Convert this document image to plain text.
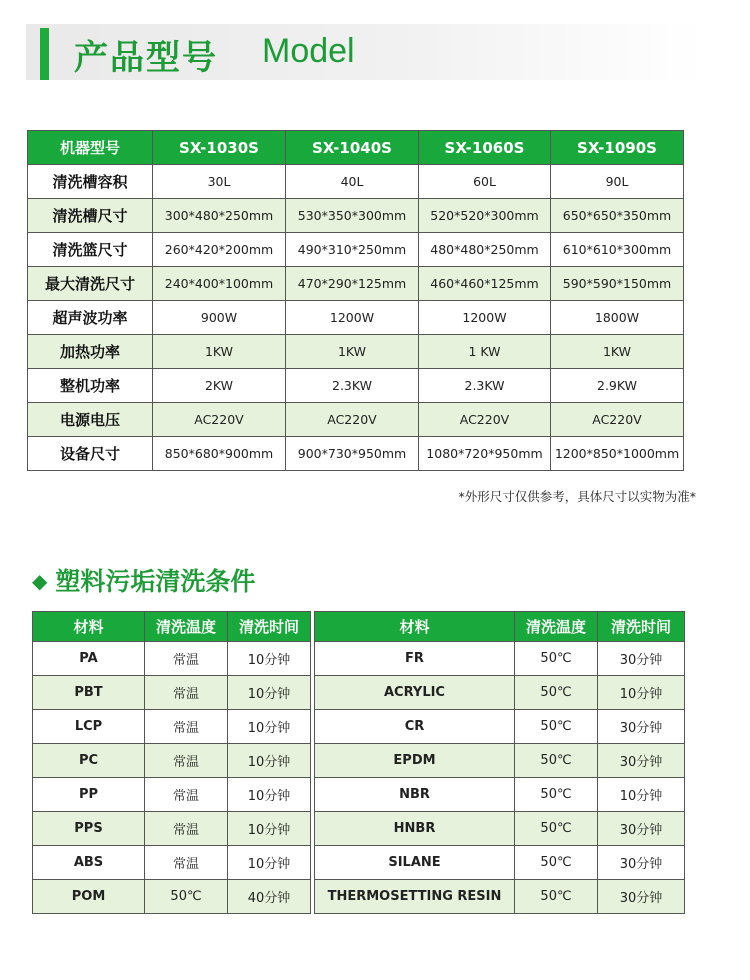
产品型号 Model
机器型号	SX-1030S	SX-1040S	SX-1060S	SX-1090S
清洗槽容积	30L	40L	60L	90L
清洗槽尺寸	300*480*250mm	530*350*300mm	520*520*300mm	650*650*350mm
清洗篮尺寸	260*420*200mm	490*310*250mm	480*480*250mm	610*610*300mm
最大清洗尺寸	240*400*100mm	470*290*125mm	460*460*125mm	590*590*150mm
超声波功率	900W	1200W	1200W	1800W
加热功率	1KW	1KW	1 KW	1KW
整机功率	2KW	2.3KW	2.3KW	2.9KW
电源电压	AC220V	AC220V	AC220V	AC220V
设备尺寸	850*680*900mm	900*730*950mm	1080*720*950mm	1200*850*1000mm
*外形尺寸仅供参考，具体尺寸以实物为准*
◆ 塑料污垢清洗条件
材料	清洗温度	清洗时间		材料	清洗温度	清洗时间
PA	常温	10分钟		FR	50℃	30分钟
PBT	常温	10分钟		ACRYLIC	50℃	10分钟
LCP	常温	10分钟		CR	50℃	30分钟
PC	常温	10分钟		EPDM	50℃	30分钟
PP	常温	10分钟		NBR	50℃	10分钟
PPS	常温	10分钟		HNBR	50℃	30分钟
ABS	常温	10分钟		SILANE	50℃	30分钟
POM	50℃	40分钟		THERMOSETTING RESIN	50℃	30分钟
